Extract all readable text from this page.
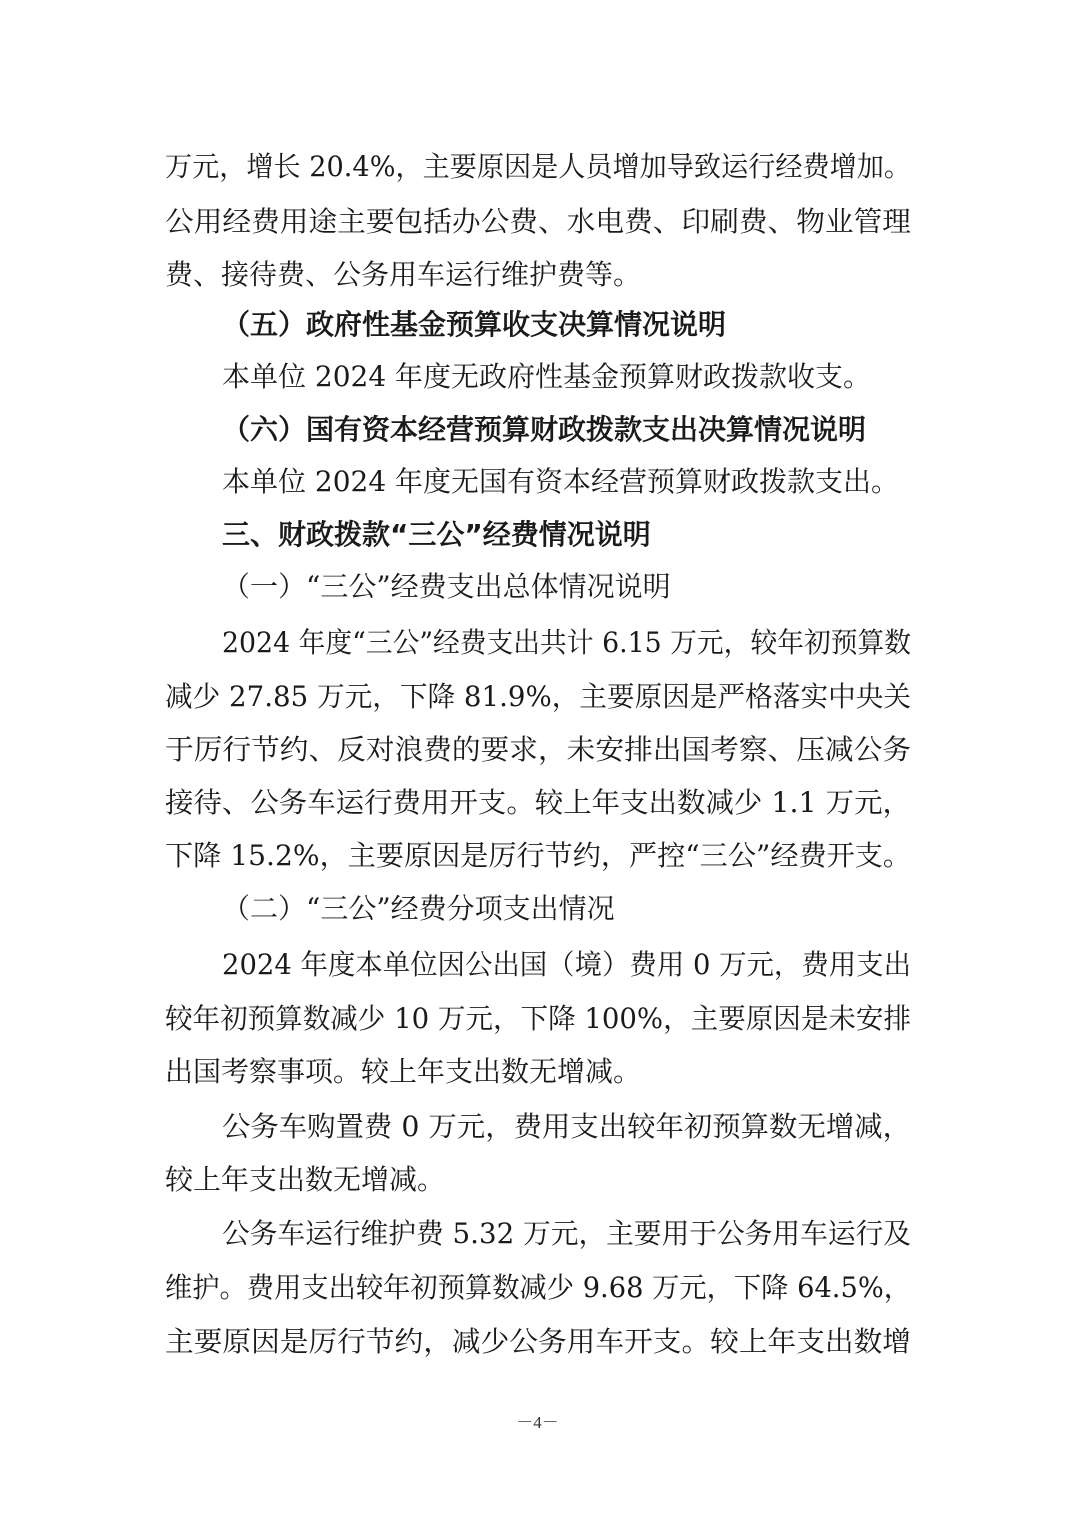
万元，增长 20.4%，主要原因是人员增加导致运行经费增加。
公用经费用途主要包括办公费、水电费、印刷费、物业管理
费、接待费、公务用车运行维护费等。
（五）政府性基金预算收支决算情况说明
本单位 2024 年度无政府性基金预算财政拨款收支。
（六）国有资本经营预算财政拨款支出决算情况说明
本单位 2024 年度无国有资本经营预算财政拨款支出。
三、财政拨款“三公”经费情况说明
（一）“三公”经费支出总体情况说明
2024 年度“三公”经费支出共计 6.15 万元，较年初预算数
减少 27.85 万元，下降 81.9%，主要原因是严格落实中央关
于厉行节约、反对浪费的要求，未安排出国考察、压减公务
接待、公务车运行费用开支。较上年支出数减少 1.1 万元，
下降 15.2%，主要原因是厉行节约，严控“三公”经费开支。
（二）“三公”经费分项支出情况
2024 年度本单位因公出国（境）费用 0 万元，费用支出
较年初预算数减少 10 万元，下降 100%，主要原因是未安排
出国考察事项。较上年支出数无增减。
公务车购置费 0 万元，费用支出较年初预算数无增减，
较上年支出数无增减。
公务车运行维护费 5.32 万元，主要用于公务用车运行及
维护。费用支出较年初预算数减少 9.68 万元，下降 64.5%，
主要原因是厉行节约，减少公务用车开支。较上年支出数增
－4－
